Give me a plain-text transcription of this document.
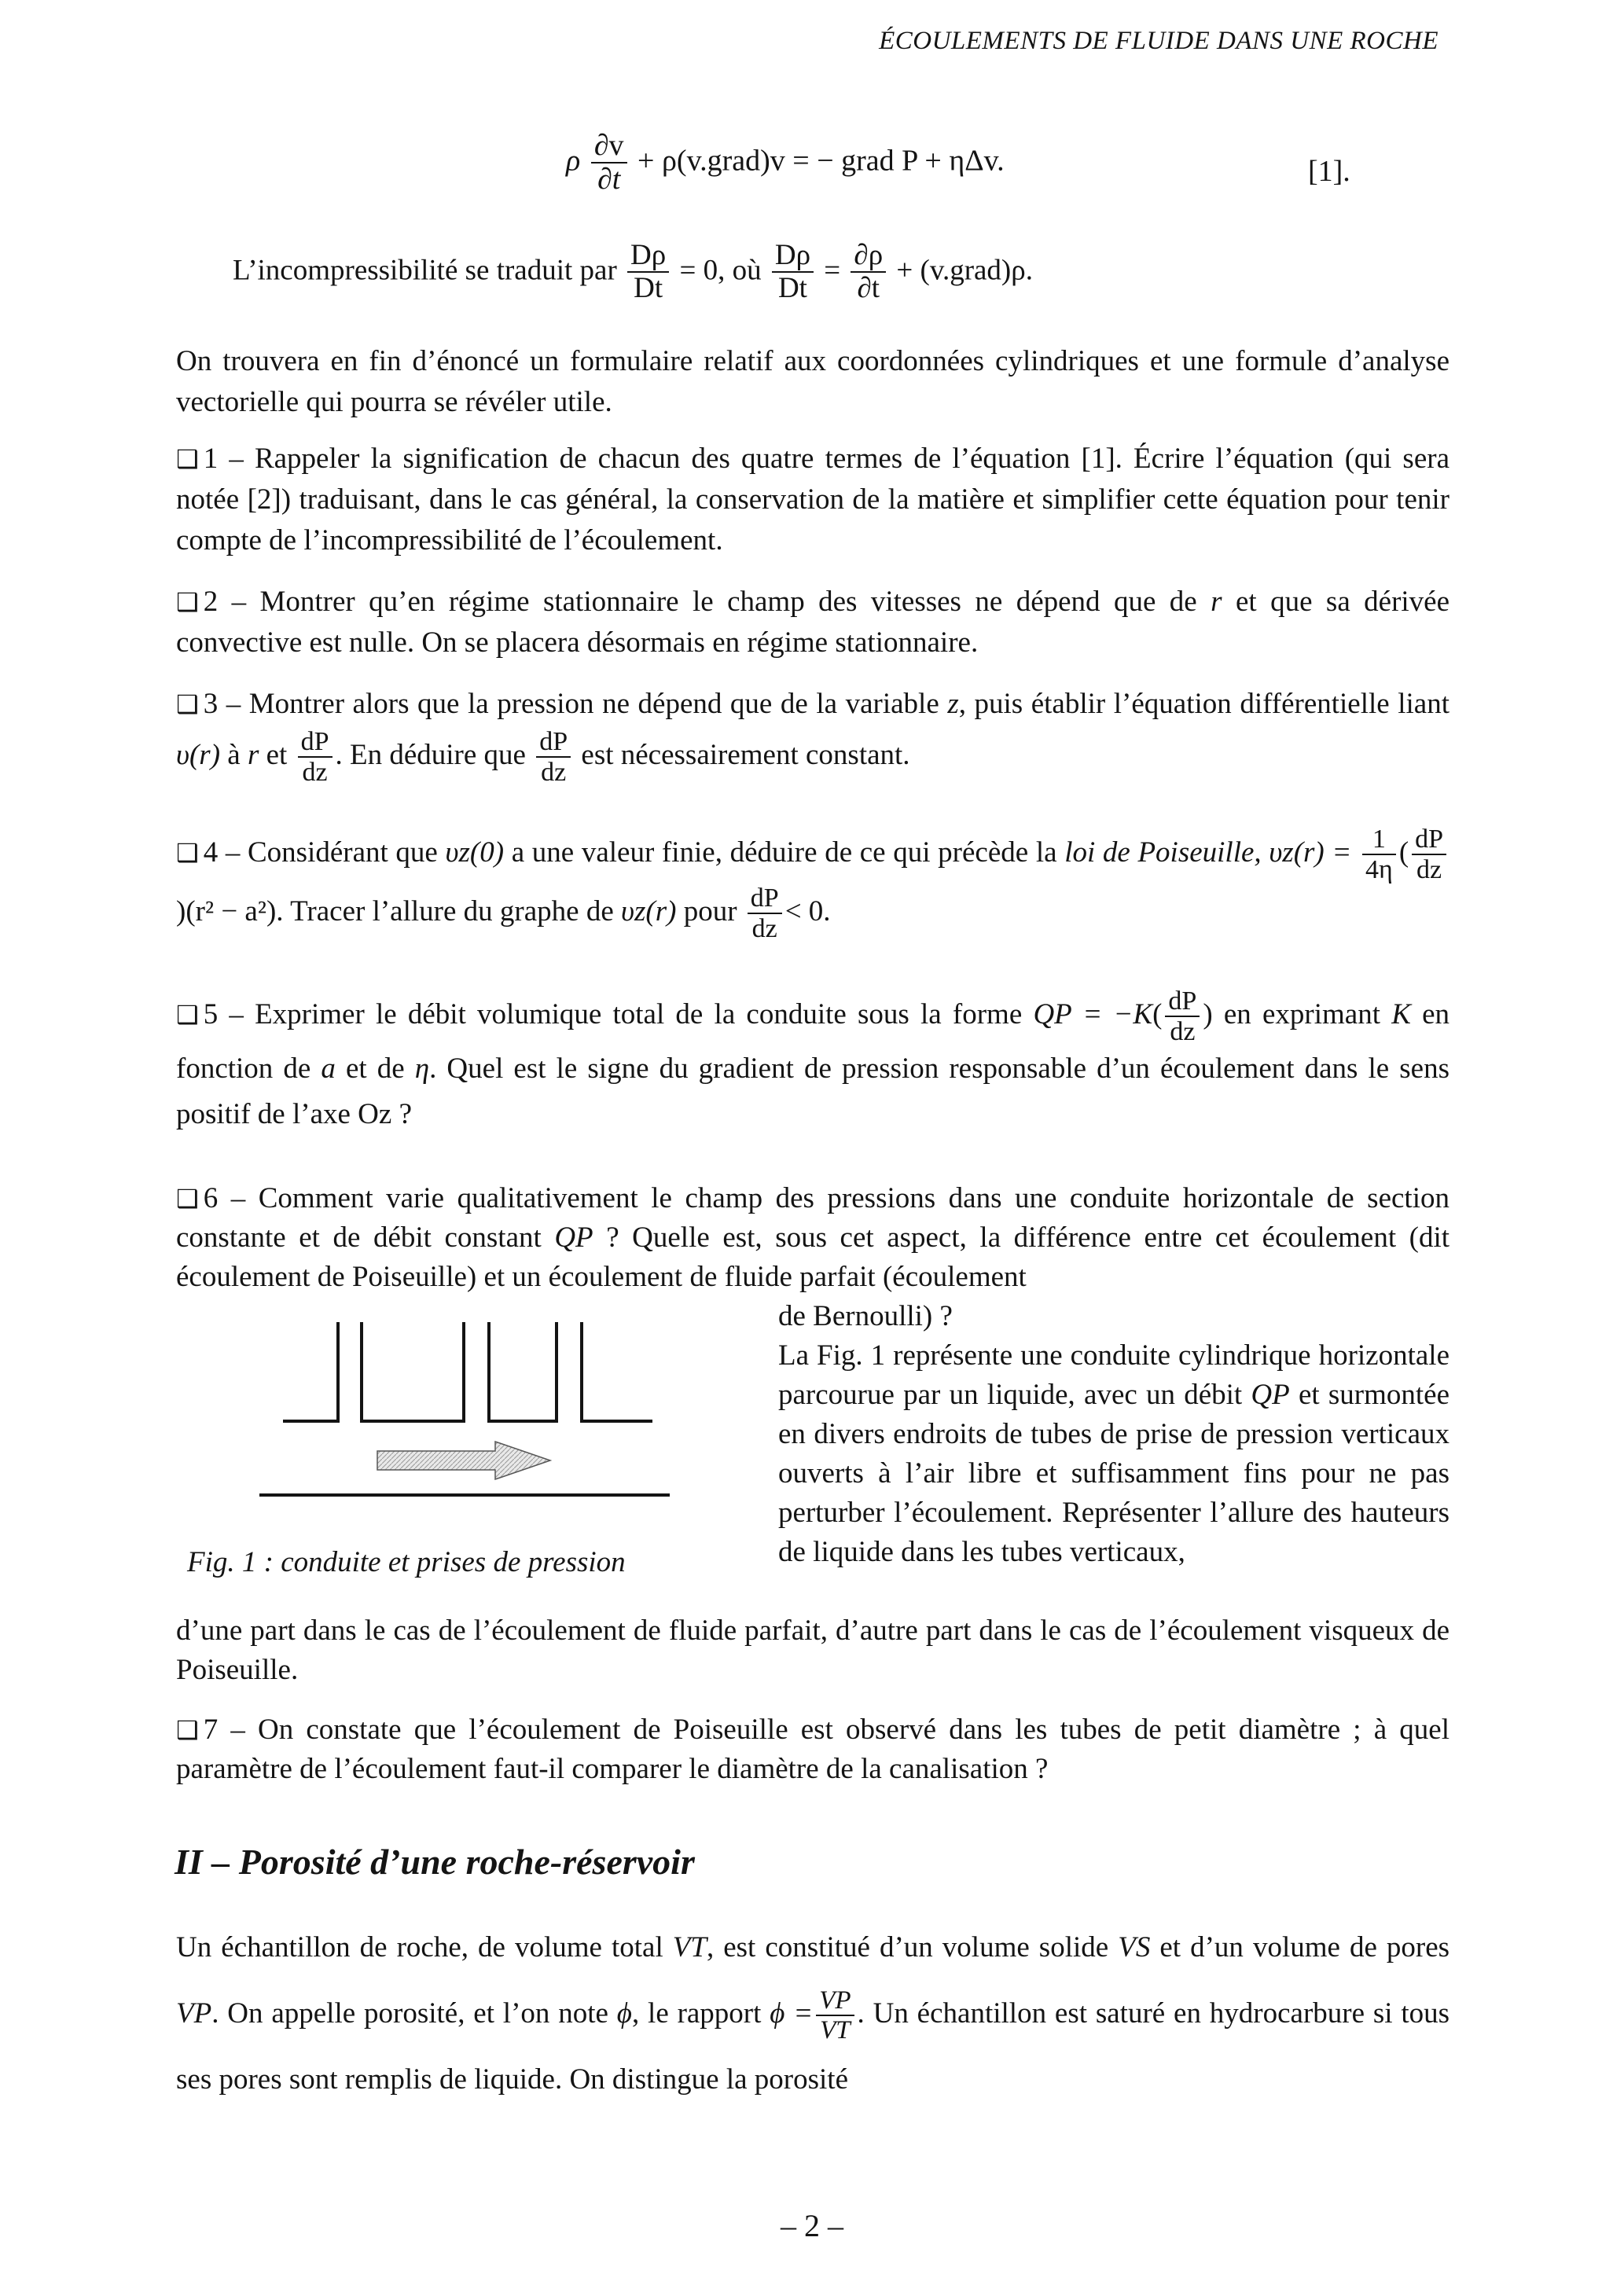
ÉCOULEMENTS DE FLUIDE DANS UNE ROCHE
ρ $\frac{\partial v}{\partial t}$ + ρ(v.grad)v = − grad P + ηΔv.	[1].
L’incompressibilité se traduit par $\frac{D\rho}{Dt} = 0$, où $\frac{D\rho}{Dt} = \frac{\partial\rho}{\partial t}$ + (v.grad)ρ.
On trouvera en fin d’énoncé un formulaire relatif aux coordonnées cylindriques et une formule d’analyse vectorielle qui pourra se révéler utile.
❑ 1 – Rappeler la signification de chacun des quatre termes de l’équation [1]. Écrire l’équation (qui sera notée [2]) traduisant, dans le cas général, la conservation de la matière et simplifier cette équation pour tenir compte de l’incompressibilité de l’écoulement.
❑ 2 – Montrer qu’en régime stationnaire le champ des vitesses ne dépend que de r et que sa dérivée convective est nulle. On se placera désormais en régime stationnaire.
❑ 3 – Montrer alors que la pression ne dépend que de la variable z, puis établir l’équation différentielle liant υ(r) à r et $\frac{dP}{dz}$ . En déduire que $\frac{dP}{dz}$ est nécessairement constant.
❑ 4 – Considérant que υz(0) a une valeur finie, déduire de ce qui précède la loi de Poiseuille, $\upsilon z(r) = \frac{1}{4\eta}$ ( $\frac{dP}{dz}$
)(r² − a²). Tracer l’allure du graphe de υz(r) pour $\frac{dP}{dz} < 0$.
❑ 5 – Exprimer le débit volumique total de la conduite sous la forme QP = $-K( \frac{dP}{dz}$ ) en exprimant K en fonction de a et de η. Quel est le signe du gradient de pression responsable d’un écoulement dans le sens positif de l’axe Oz ?
❑ 6 – Comment varie qualitativement le champ des pressions dans une conduite horizontale de section constante et de débit constant QP ? Quelle est, sous cet aspect, la différence entre cet écoulement (dit écoulement de Poiseuille) et un écoulement de fluide parfait (écoulement
Fig. 1 : conduite et prises de pression
de Bernoulli) ?
La Fig. 1 représente une conduite cylindrique horizontale parcourue par un liquide, avec un débit QP et surmontée en divers endroits de tubes de prise de pression verticaux ouverts à l’air libre et suffisamment fins pour ne pas perturber l’écoulement. Représenter l’allure des hauteurs de liquide dans les tubes verticaux,
d’une part dans le cas de l’écoulement de fluide parfait, d’autre part dans le cas de l’écoulement visqueux de Poiseuille.
❑ 7 – On constate que l’écoulement de Poiseuille est observé dans les tubes de petit diamètre ; à quel paramètre de l’écoulement faut-il comparer le diamètre de la canalisation ?
II – Porosité d’une roche-réservoir
Un échantillon de roche, de volume total VT, est constitué d’un volume solide VS et d’un volume de pores VP. On appelle porosité, et l’on note ϕ, le rapport $\phi = \frac{VP}{VT}$ . Un échantillon est saturé en hydrocarbure si tous ses pores sont remplis de liquide. On distingue la porosité
– 2 –
